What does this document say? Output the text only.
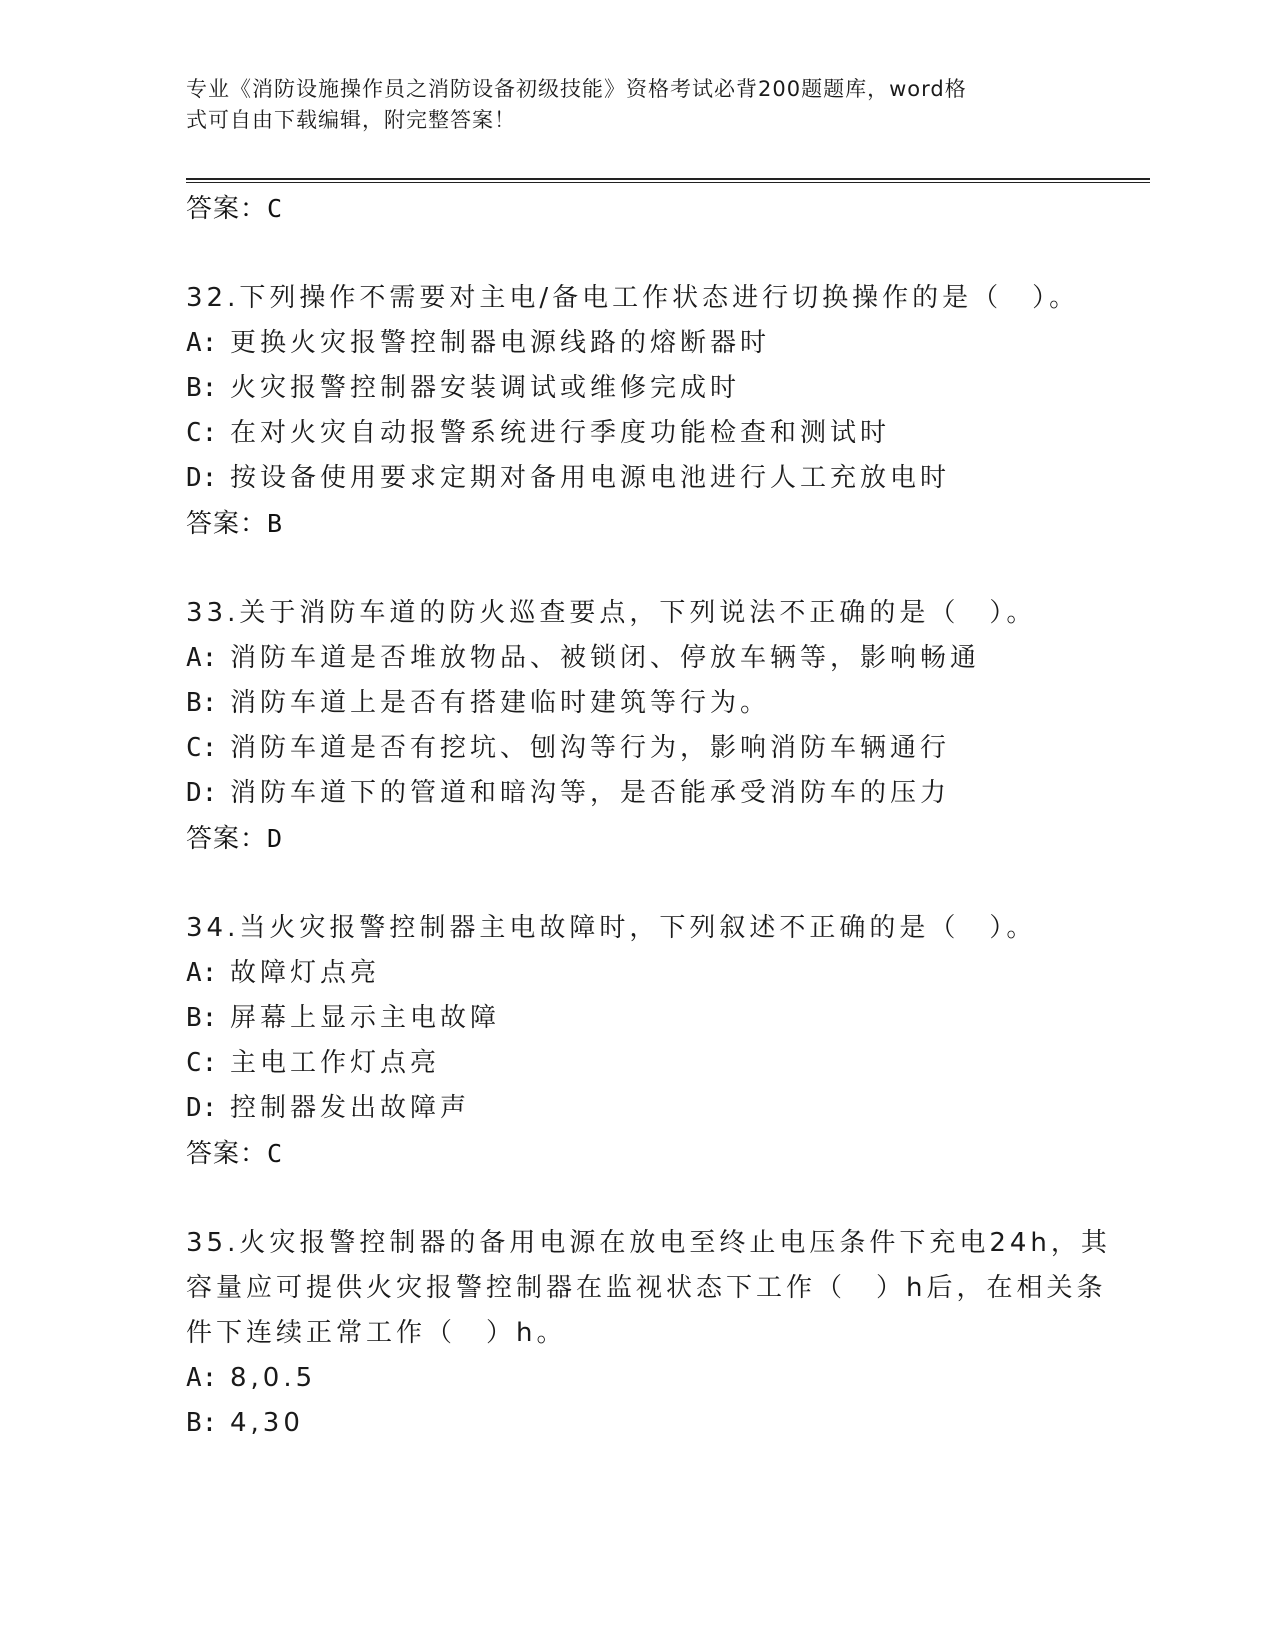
专业《消防设施操作员之消防设备初级技能》资格考试必背200题题库，word格
式可自由下载编辑，附完整答案！
答案：C
32.下列操作不需要对主电/备电工作状态进行切换操作的是（　）。
A: 更换火灾报警控制器电源线路的熔断器时
B: 火灾报警控制器安装调试或维修完成时
C: 在对火灾自动报警系统进行季度功能检查和测试时
D: 按设备使用要求定期对备用电源电池进行人工充放电时
答案：B
33.关于消防车道的防火巡查要点，下列说法不正确的是（　）。
A: 消防车道是否堆放物品、被锁闭、停放车辆等，影响畅通
B: 消防车道上是否有搭建临时建筑等行为。
C: 消防车道是否有挖坑、刨沟等行为，影响消防车辆通行
D: 消防车道下的管道和暗沟等，是否能承受消防车的压力
答案：D
34.当火灾报警控制器主电故障时，下列叙述不正确的是（　）。
A: 故障灯点亮
B: 屏幕上显示主电故障
C: 主电工作灯点亮
D: 控制器发出故障声
答案：C
35.火灾报警控制器的备用电源在放电至终止电压条件下充电24h，其容量应可提供火灾报警控制器在监视状态下工作（　）h后，在相关条件下连续正常工作（　）h。
A: 8,0.5
B: 4,30
